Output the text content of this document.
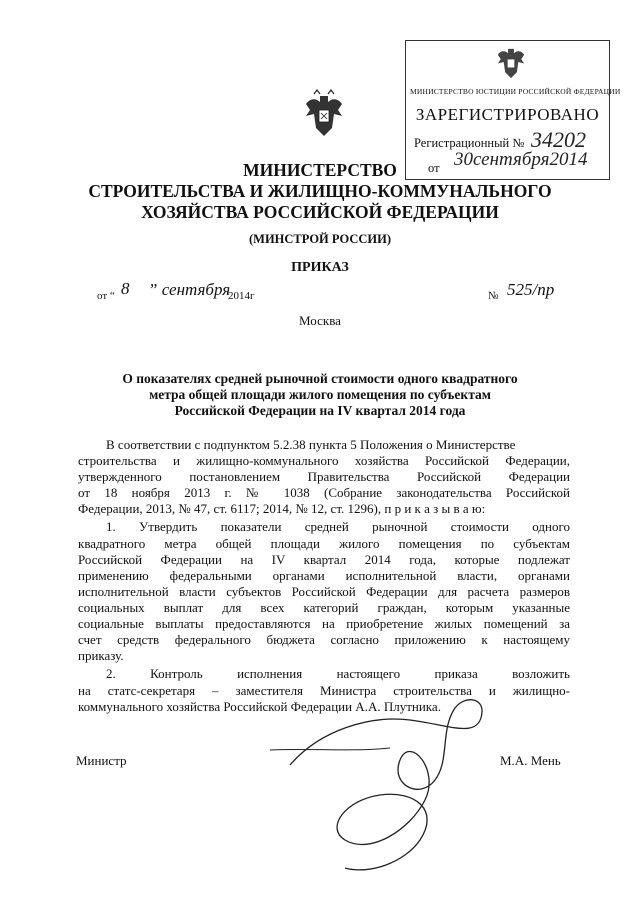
МИНИСТЕРСТВО ЮСТИЦИИ РОССИЙСКОЙ ФЕДЕРАЦИИ
ЗАРЕГИСТРИРОВАНО
Регистрационный № 34202
от 30сентября2014
МИНИСТЕРСТВО
СТРОИТЕЛЬСТВА И ЖИЛИЩНО-КОММУНАЛЬНОГО
ХОЗЯЙСТВА РОССИЙСКОЙ ФЕДЕРАЦИИ
(МИНСТРОЙ РОССИИ)
ПРИКАЗ
от “ 8 ” сентября
2014г	№ 525/пр
Москва
О показателях средней рыночной стоимости одного квадратного
метра общей площади жилого помещения по субъектам
Российской Федерации на IV квартал 2014 года
В соответствии с подпунктом 5.2.38 пункта 5 Положения о Министерстве
строительства и жилищно-коммунального хозяйства Российской Федерации,
утвержденного постановлением Правительства Российской Федерации
от 18 ноября 2013 г. № 1038 (Собрание законодательства Российской
Федерации, 2013, № 47, ст. 6117; 2014, № 12, ст. 1296), п р и к а з ы в а ю:
1. Утвердить показатели средней рыночной стоимости одного
квадратного метра общей площади жилого помещения по субъектам
Российской Федерации на IV квартал 2014 года, которые подлежат
применению федеральными органами исполнительной власти, органами
исполнительной власти субъектов Российской Федерации для расчета размеров
социальных выплат для всех категорий граждан, которым указанные
социальные выплаты предоставляются на приобретение жилых помещений за
счет средств федерального бюджета согласно приложению к настоящему
приказу.
2. Контроль исполнения настоящего приказа возложить
на статс-секретаря – заместителя Министра строительства и жилищно-
коммунального хозяйства Российской Федерации А.А. Плутника.
Министр	М.А. Мень
